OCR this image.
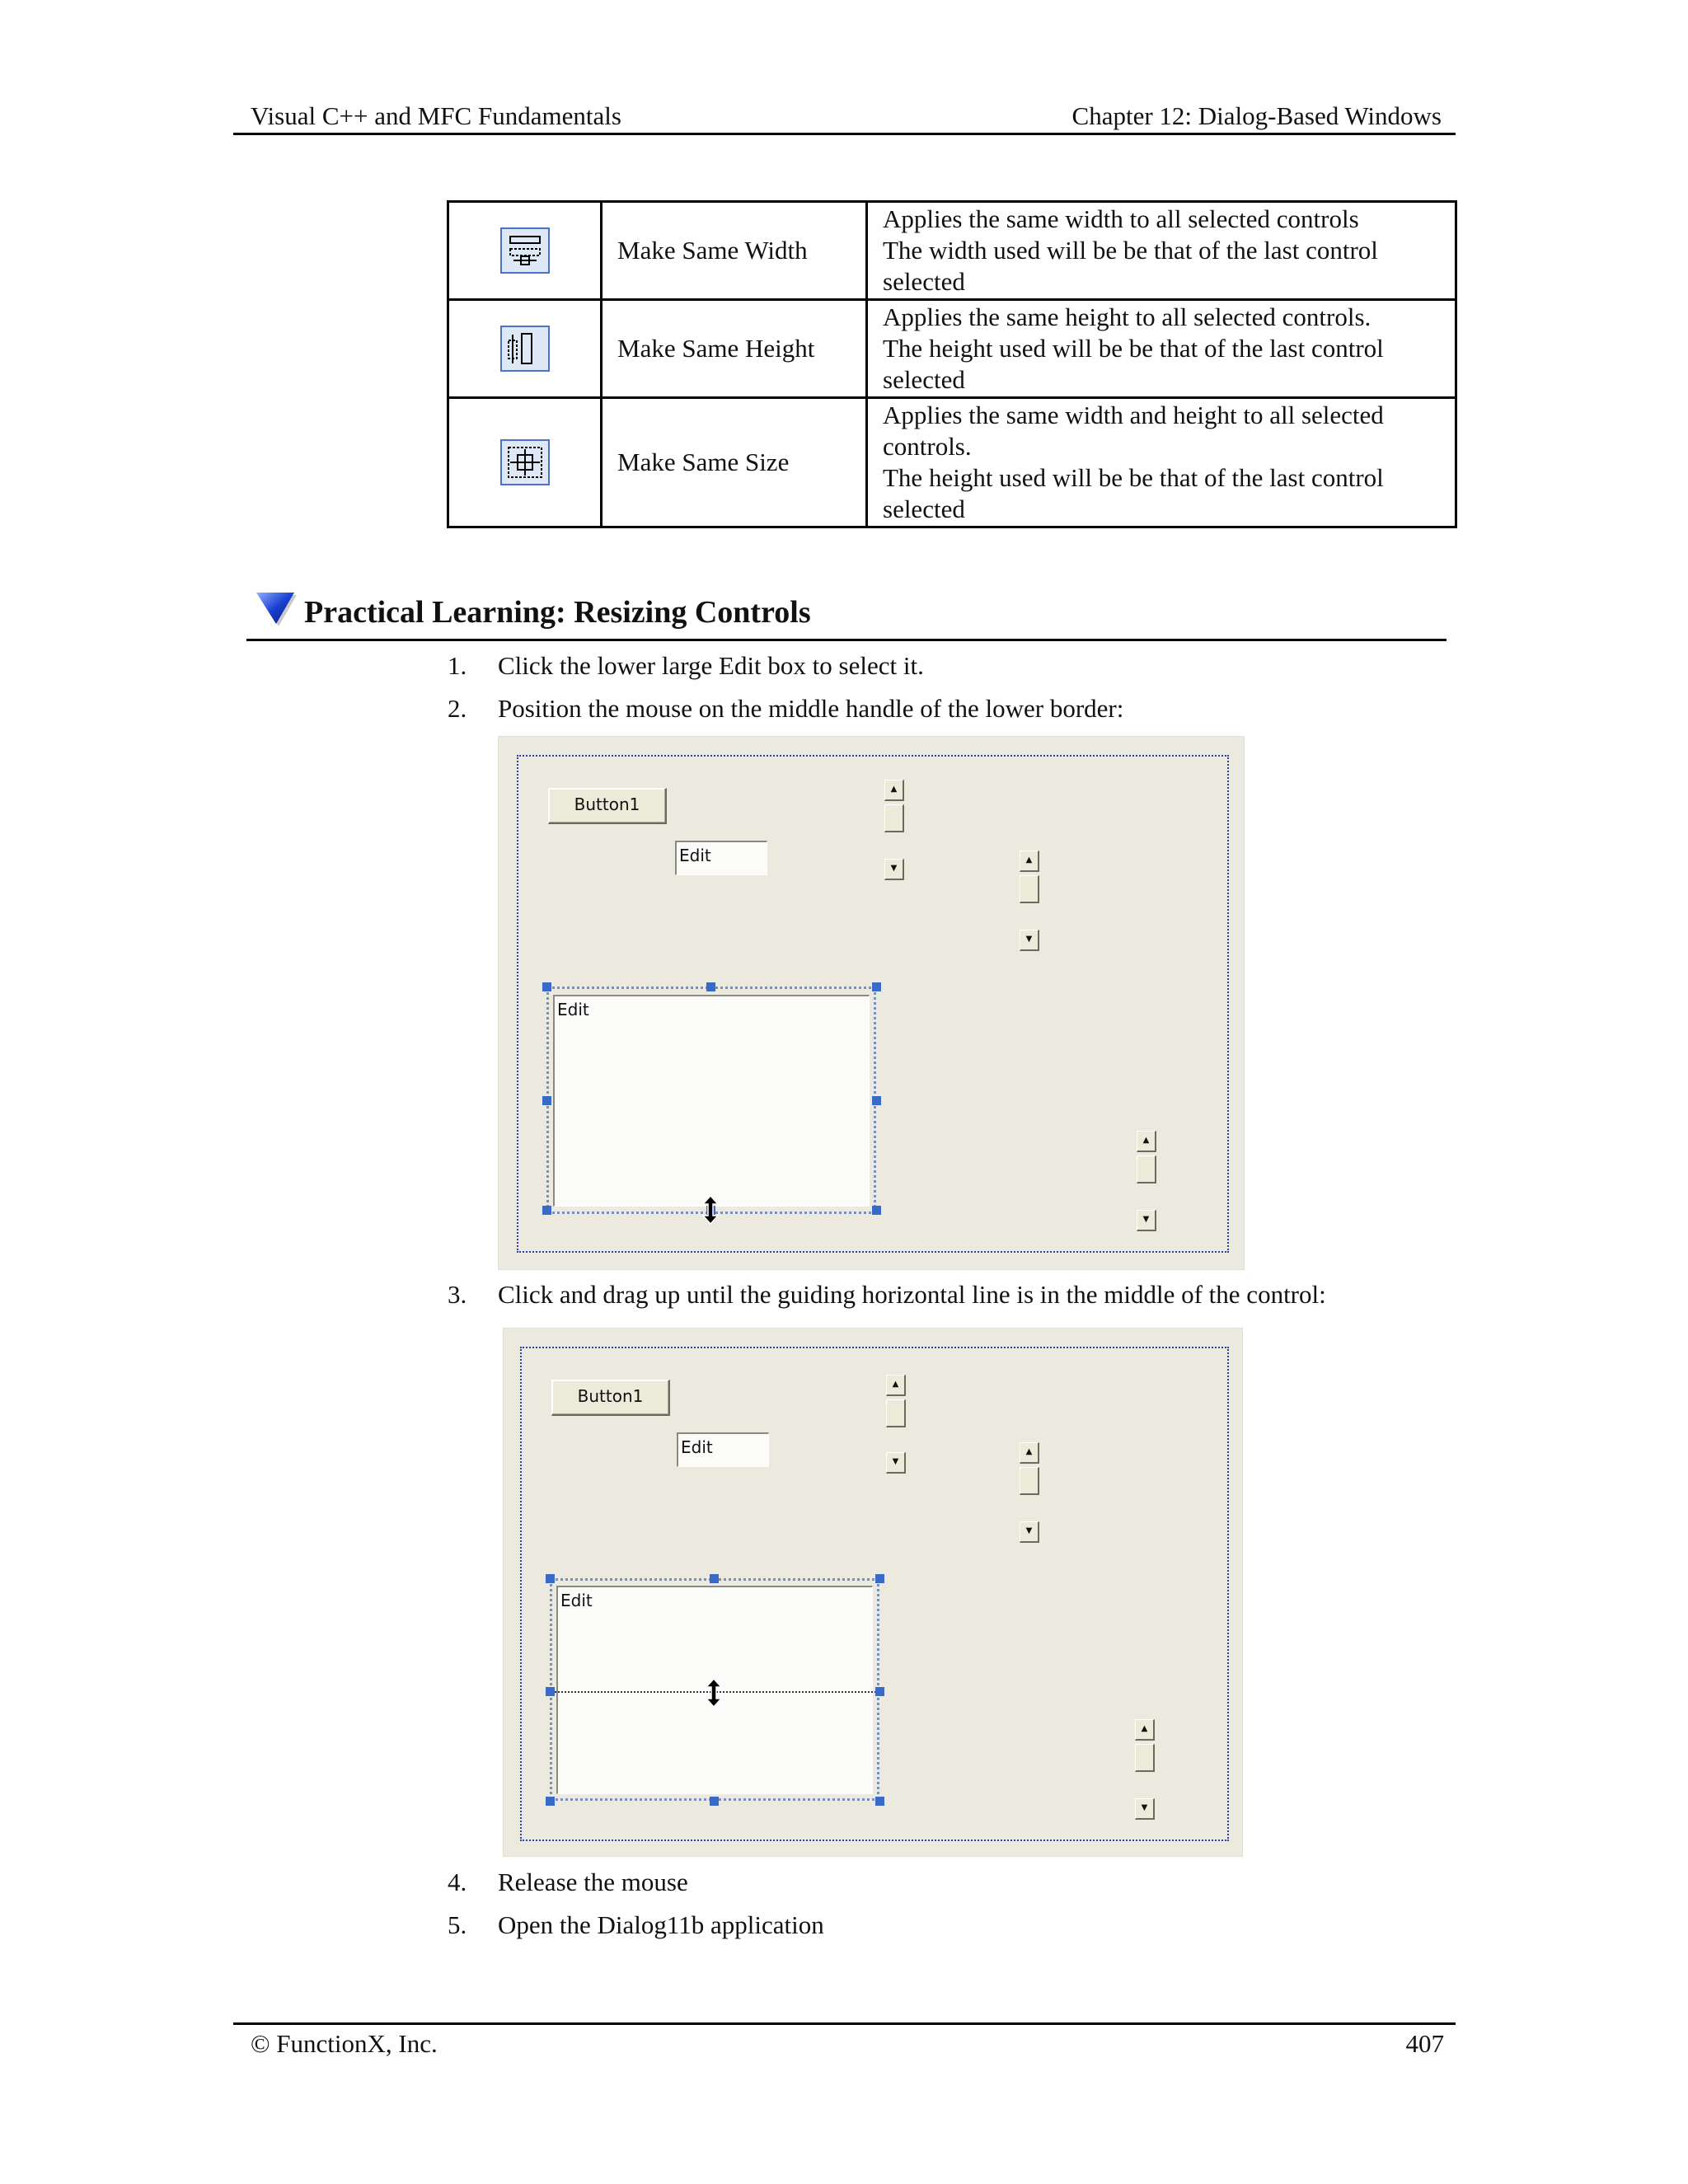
Visual C++ and MFC Fundamentals	Chapter 12: Dialog-Based Windows
	Make Same Width	Applies the same width to all selected controls
The width used will be be that of the last control
selected

	Make Same Height	Applies the same height to all selected controls.
The height used will be be that of the last control
selected

	Make Same Size	Applies the same width and height to all selected
controls.
The height used will be be that of the last control
selected
Practical Learning: Resizing Controls
1. Click the lower large Edit box to select it.
2. Position the mouse on the middle handle of the lower border:
Button1
Edit
▲
▼
▲
▼
▲
▼
Edit
3. Click and drag up until the guiding horizontal line is in the middle of the control:
Button1
Edit
▲
▼
▲
▼
▲
▼
Edit
4. Release the mouse
5. Open the Dialog11b application
© FunctionX, Inc.	407
